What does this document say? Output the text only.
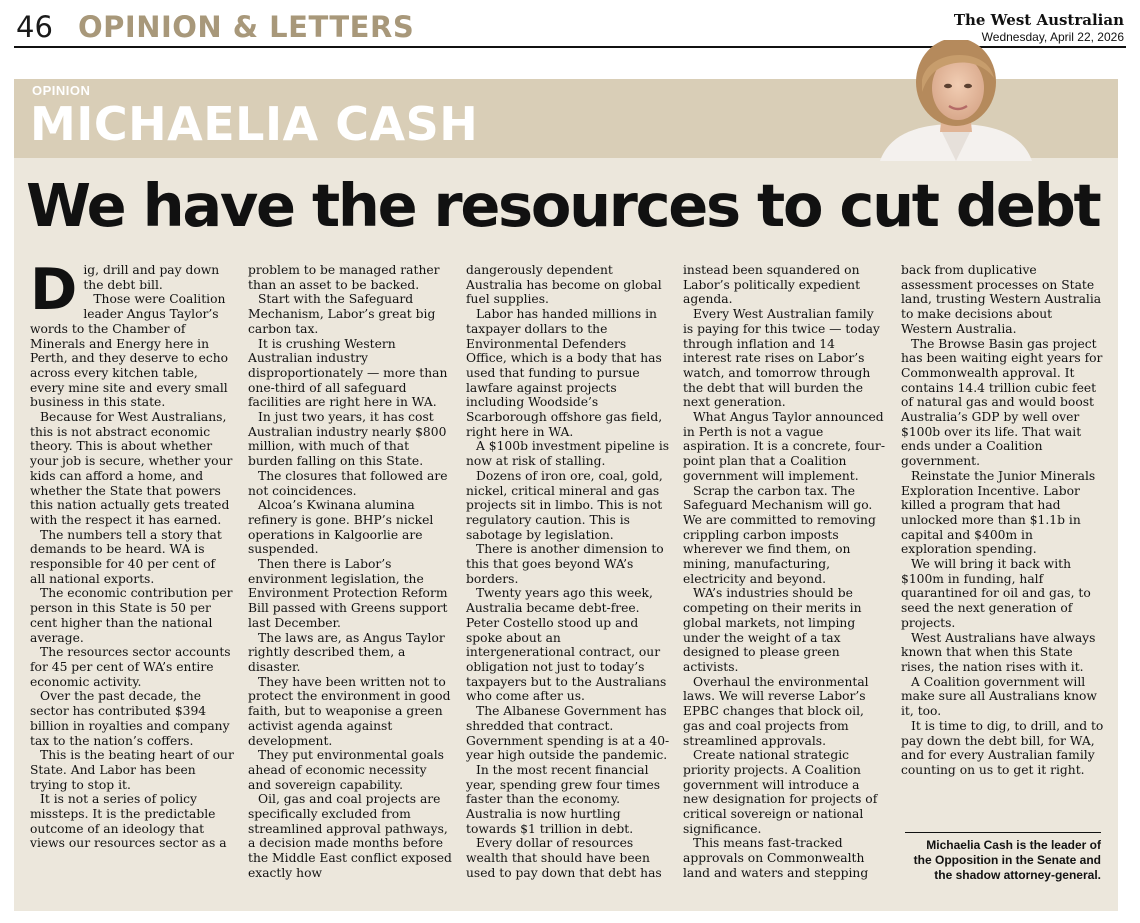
46 OPINION & LETTERS	The West Australian
Wednesday, April 22, 2026
OPINION
MICHAELIA CASH
We have the resources to cut debt
D ig, drill and pay down the debt bill.

Those were Coalition leader Angus Taylor’s words to the Chamber of Minerals and Energy here in Perth, and they deserve to echo across every kitchen table, every mine site and every small business in this state.

Because for West Australians, this is not abstract economic theory. This is about whether your job is secure, whether your kids can afford a home, and whether the State that powers this nation actually gets treated with the respect it has earned.

The numbers tell a story that demands to be heard. WA is responsible for 40 per cent of all national exports.

The economic contribution per person in this State is 50 per cent higher than the national average.

The resources sector accounts for 45 per cent of WA’s entire economic activity.

Over the past decade, the sector has contributed $394 billion in royalties and company tax to the nation’s coffers.

This is the beating heart of our State. And Labor has been trying to stop it.

It is not a series of policy missteps. It is the predictable outcome of an ideology that views our resources sector as a

problem to be managed rather than an asset to be backed.

Start with the Safeguard Mechanism, Labor’s great big carbon tax.

It is crushing Western Australian industry disproportionately — more than one-third of all safeguard facilities are right here in WA.

In just two years, it has cost Australian industry nearly $800 million, with much of that burden falling on this State.

The closures that followed are not coincidences.

Alcoa’s Kwinana alumina refinery is gone. BHP’s nickel operations in Kalgoorlie are suspended.

Then there is Labor’s environment legislation, the Environment Protection Reform Bill passed with Greens support last December.

The laws are, as Angus Taylor rightly described them, a disaster.

They have been written not to protect the environment in good faith, but to weaponise a green activist agenda against development.

They put environmental goals ahead of economic necessity and sovereign capability.

Oil, gas and coal projects are specifically excluded from streamlined approval pathways, a decision made months before the Middle East conflict exposed exactly how

dangerously dependent Australia has become on global fuel supplies.

Labor has handed millions in taxpayer dollars to the Environmental Defenders Office, which is a body that has used that funding to pursue lawfare against projects including Woodside’s Scarborough offshore gas field, right here in WA.

A $100b investment pipeline is now at risk of stalling.

Dozens of iron ore, coal, gold, nickel, critical mineral and gas projects sit in limbo. This is not regulatory caution. This is sabotage by legislation.

There is another dimension to this that goes beyond WA’s borders.

Twenty years ago this week, Australia became debt-free. Peter Costello stood up and spoke about an intergenerational contract, our obligation not just to today’s taxpayers but to the Australians who come after us.

The Albanese Government has shredded that contract. Government spending is at a 40-year high outside the pandemic.

In the most recent financial year, spending grew four times faster than the economy. Australia is now hurtling towards $1 trillion in debt.

Every dollar of resources wealth that should have been used to pay down that debt has

instead been squandered on Labor’s politically expedient agenda.

Every West Australian family is paying for this twice — today through inflation and 14 interest rate rises on Labor’s watch, and tomorrow through the debt that will burden the next generation.

What Angus Taylor announced in Perth is not a vague aspiration. It is a concrete, four-point plan that a Coalition government will implement.

Scrap the carbon tax. The Safeguard Mechanism will go. We are committed to removing crippling carbon imposts wherever we find them, on mining, manufacturing, electricity and beyond.

WA’s industries should be competing on their merits in global markets, not limping under the weight of a tax designed to please green activists.

Overhaul the environmental laws. We will reverse Labor’s EPBC changes that block oil, gas and coal projects from streamlined approvals.

Create national strategic priority projects. A Coalition government will introduce a new designation for projects of critical sovereign or national significance.

This means fast-tracked approvals on Commonwealth land and waters and stepping

back from duplicative assessment processes on State land, trusting Western Australia to make decisions about Western Australia.

The Browse Basin gas project has been waiting eight years for Commonwealth approval. It contains 14.4 trillion cubic feet of natural gas and would boost Australia’s GDP by well over $100b over its life. That wait ends under a Coalition government.

Reinstate the Junior Minerals Exploration Incentive. Labor killed a program that had unlocked more than $1.1b in capital and $400m in exploration spending.

We will bring it back with $100m in funding, half quarantined for oil and gas, to seed the next generation of projects.

West Australians have always known that when this State rises, the nation rises with it.

A Coalition government will make sure all Australians know it, too.

It is time to dig, to drill, and to pay down the debt bill, for WA, and for every Australian family counting on us to get it right.

Michaelia Cash is the leader of the Opposition in the Senate and the shadow attorney-general.
